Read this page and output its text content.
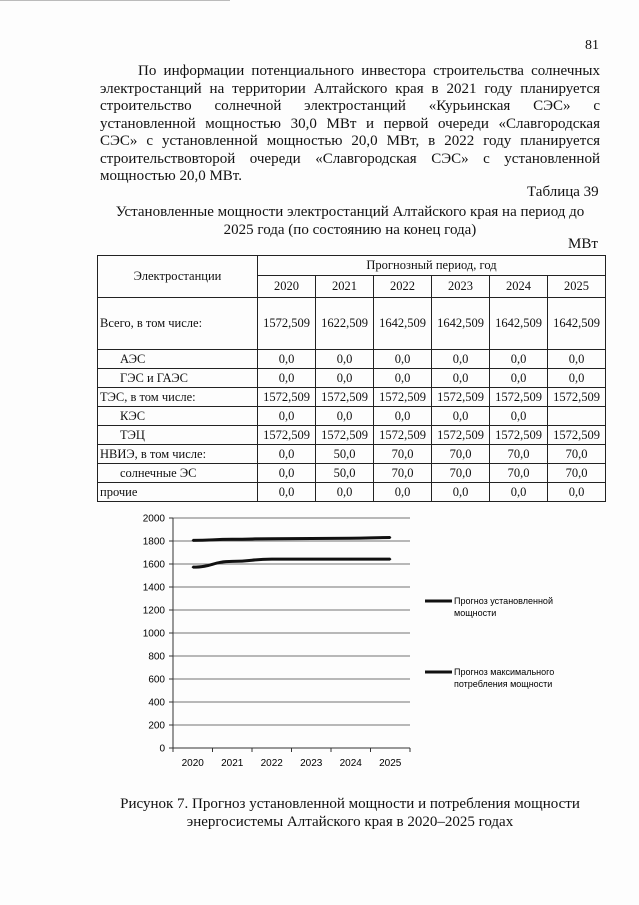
81
По информации потенциального инвестора строительства солнечных электростанций на территории Алтайского края в 2021 году планируется строительство солнечной электростанций «Курьинская СЭС» с установленной мощностью 30,0 МВт и первой очереди «Славгородская СЭС» с установленной мощностью 20,0 МВт, в 2022 году планируется строительствовторой очереди «Славгородская СЭС» с установленной мощностью 20,0 МВт.
Таблица 39
Установленные мощности электростанций Алтайского края на период до 2025 года (по состоянию на конец года)
МВт
Электростанции	Прогнозный период, год					
	2020	2021	2022	2023	2024	2025
Всего, в том числе:	1572,509	1622,509	1642,509	1642,509	1642,509	1642,509
АЭС	0,0	0,0	0,0	0,0	0,0	0,0
ГЭС и ГАЭС	0,0	0,0	0,0	0,0	0,0	0,0
ТЭС, в том числе:	1572,509	1572,509	1572,509	1572,509	1572,509	1572,509
КЭС	0,0	0,0	0,0	0,0	0,0	
ТЭЦ	1572,509	1572,509	1572,509	1572,509	1572,509	1572,509
НВИЭ, в том числе:	0,0	50,0	70,0	70,0	70,0	70,0
солнечные ЭС	0,0	50,0	70,0	70,0	70,0	70,0
прочие	0,0	0,0	0,0	0,0	0,0	0,0
0
200
400
600
800
1000
1200
1400
1600
1800
2000
2020 2021 2022 2023 2024 2025
Прогноз установленной мощности
Прогноз максимального потребления мощности
Рисунок 7. Прогноз установленной мощности и потребления мощности энергосистемы Алтайского края в 2020–2025 годах
